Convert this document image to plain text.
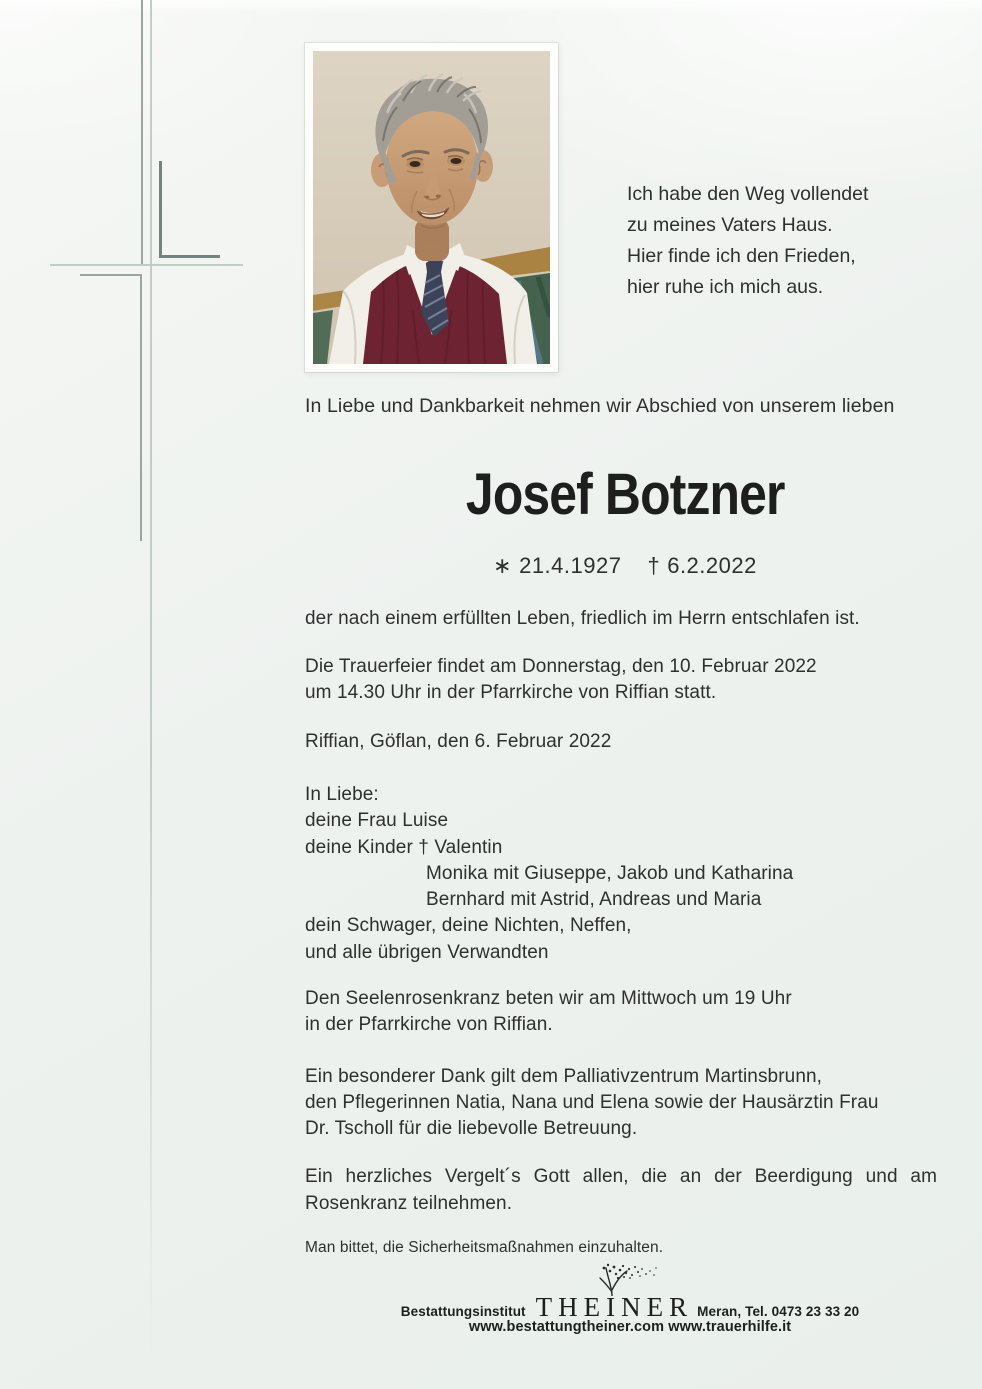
Ich habe den Weg vollendet
zu meines Vaters Haus.
Hier finde ich den Frieden,
hier ruhe ich mich aus.
In Liebe und Dankbarkeit nehmen wir Abschied von unserem lieben
Josef Botzner
∗ 21.4.1927 † 6.2.2022
der nach einem erfüllten Leben, friedlich im Herrn entschlafen ist.
Die Trauerfeier findet am Donnerstag, den 10. Februar 2022
um 14.30 Uhr in der Pfarrkirche von Riffian statt.
Riffian, Göflan, den 6. Februar 2022
In Liebe:
deine Frau Luise
deine Kinder † Valentin
Monika mit Giuseppe, Jakob und Katharina
Bernhard mit Astrid, Andreas und Maria
dein Schwager, deine Nichten, Neffen,
und alle übrigen Verwandten
Den Seelenrosenkranz beten wir am Mittwoch um 19 Uhr
in der Pfarrkirche von Riffian.
Ein besonderer Dank gilt dem Palliativzentrum Martinsbrunn,
den Pflegerinnen Natia, Nana und Elena sowie der Hausärztin Frau
Dr. Tscholl für die liebevolle Betreuung.
Ein herzliches Vergelt´s Gott allen, die an der Beerdigung und am
Rosenkranz teilnehmen.
Man bittet, die Sicherheitsmaßnahmen einzuhalten.
Bestattungsinstitut THEINER Meran, Tel. 0473 23 33 20
www.bestattungtheiner.com www.trauerhilfe.it
